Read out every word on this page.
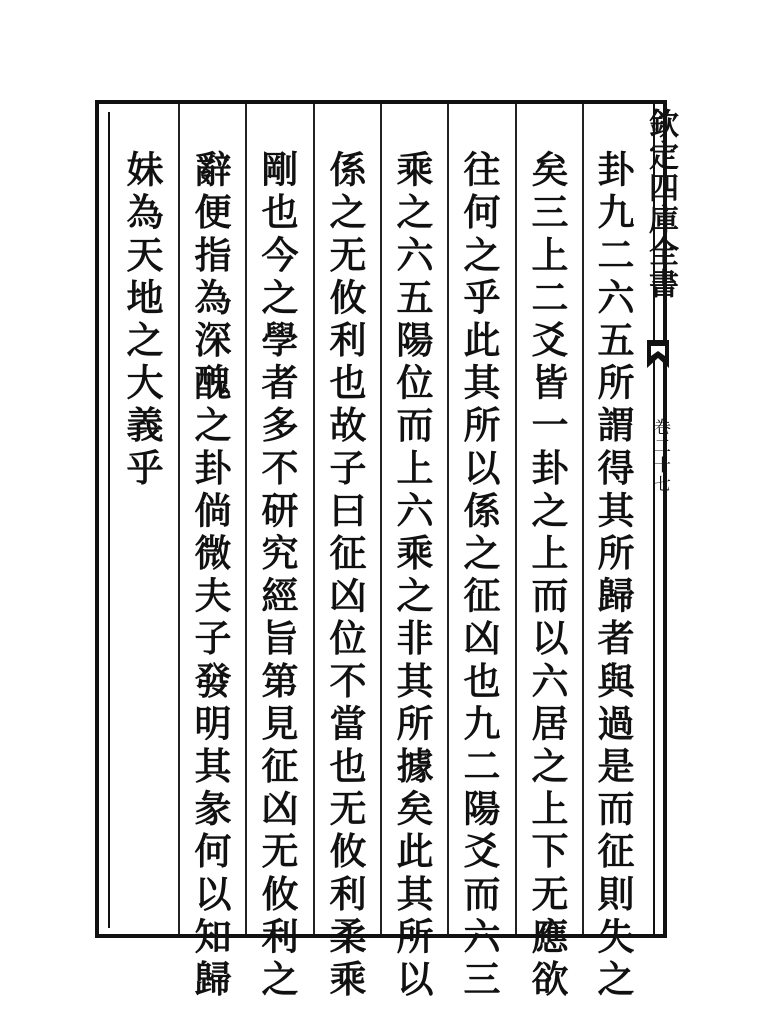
欽定四庫全書
卷二十七
卦九二六五所謂得其所歸者與過是而征則失之
矣三上二爻皆一卦之上而以六居之上下无應欲
往何之乎此其所以係之征凶也九二陽爻而六三
乘之六五陽位而上六乘之非其所據矣此其所以
係之无攸利也故子曰征凶位不當也无攸利柔乘
剛也今之學者多不研究經旨第見征凶无攸利之
辭便指為深醜之卦倘微夫子發明其彖何以知歸
妹為天地之大義乎
